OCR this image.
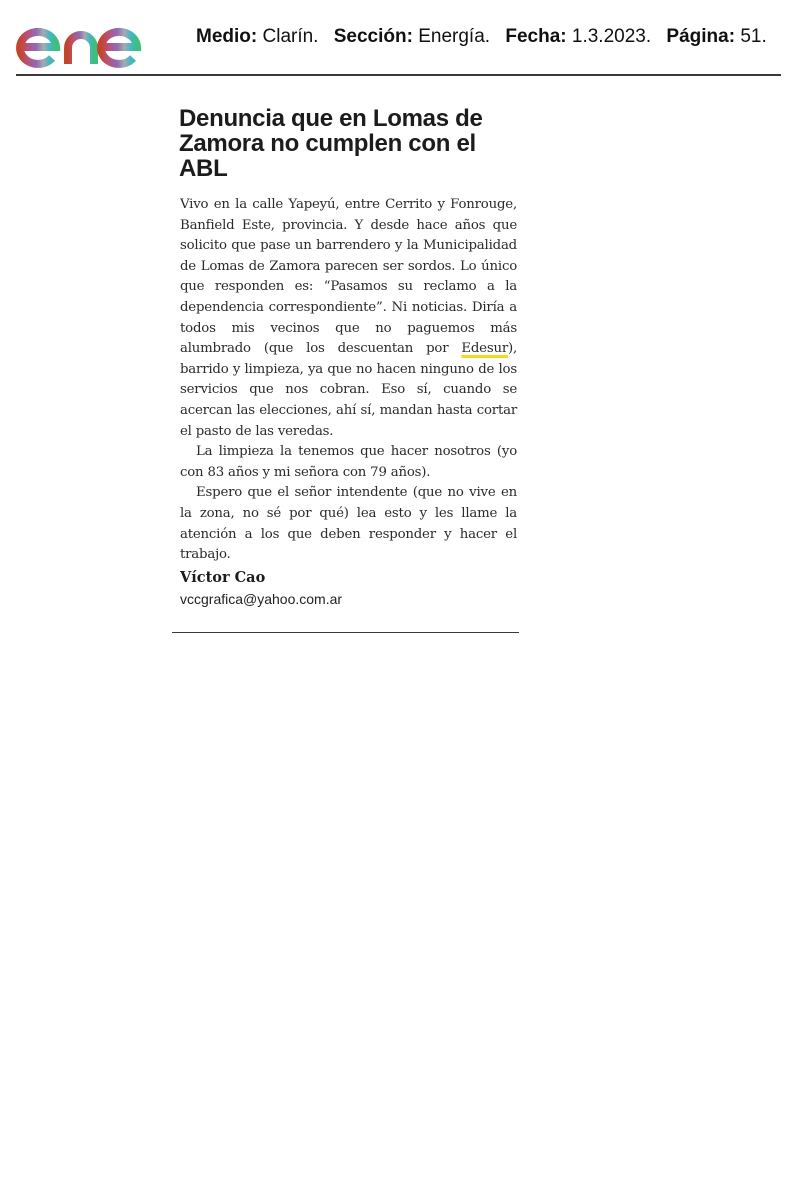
Medio: Clarín. Sección: Energía. Fecha: 1.3.2023. Página: 51.
Denuncia que en Lomas de Zamora no cumplen con el ABL

Vivo en la calle Yapeyú, entre Cerrito y Fonrouge, Banfield Este, provincia. Y desde hace años que solicito que pase un barrendero y la Municipalidad de Lomas de Zamora parecen ser sordos. Lo único que responden es: “Pasamos su reclamo a la dependencia correspondiente”. Ni noticias. Diría a todos mis vecinos que no paguemos más alumbrado (que los descuentan por Edesur), barrido y limpieza, ya que no hacen ninguno de los servicios que nos cobran. Eso sí, cuando se acercan las elecciones, ahí sí, mandan hasta cortar el pasto de las veredas.

La limpieza la tenemos que hacer nosotros (yo con 83 años y mi señora con 79 años).

Espero que el señor intendente (que no vive en la zona, no sé por qué) lea esto y les llame la atención a los que deben responder y hacer el trabajo.

Víctor Cao
vccgrafica@yahoo.com.ar
